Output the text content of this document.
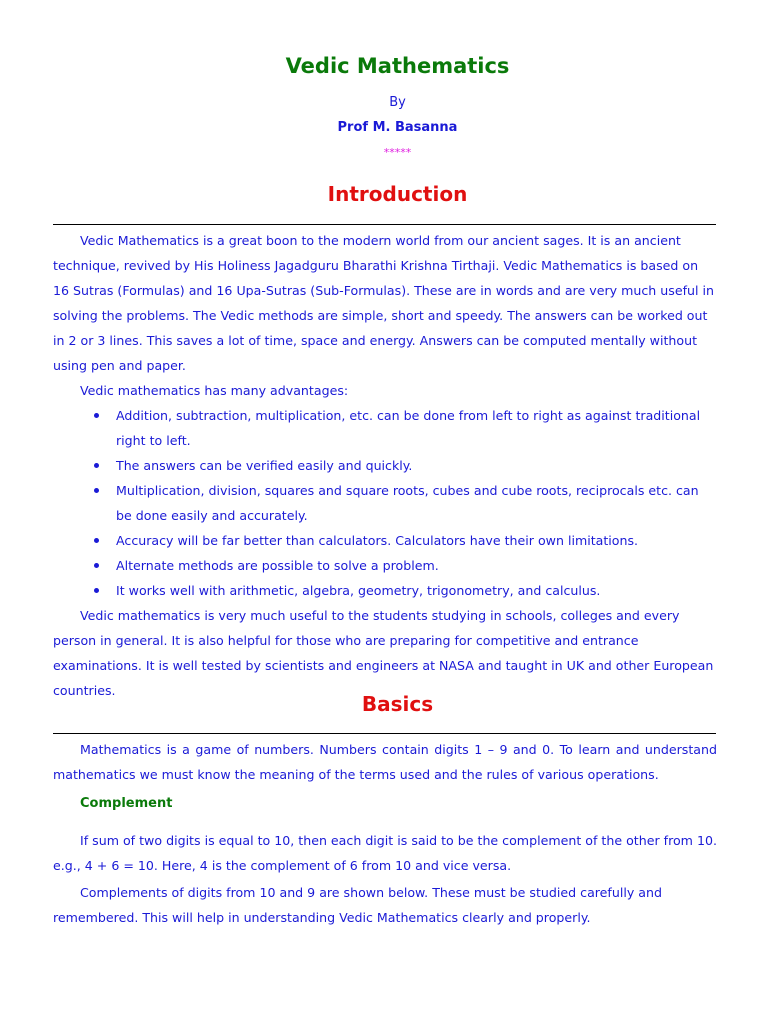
Vedic Mathematics

By

Prof M. Basanna

*****

Introduction

Vedic Mathematics is a great boon to the modern world from our ancient sages. It is an ancient technique, revived by His Holiness Jagadguru Bharathi Krishna Tirthaji. Vedic Mathematics is based on 16 Sutras (Formulas) and 16 Upa-Sutras (Sub-Formulas). These are in words and are very much useful in solving the problems. The Vedic methods are simple, short and speedy. The answers can be worked out in 2 or 3 lines. This saves a lot of time, space and energy. Answers can be computed mentally without using pen and paper.

Vedic mathematics has many advantages:

Addition, subtraction, multiplication, etc. can be done from left to right as against traditional right to left.
The answers can be verified easily and quickly.
Multiplication, division, squares and square roots, cubes and cube roots, reciprocals etc. can be done easily and accurately.
Accuracy will be far better than calculators. Calculators have their own limitations.
Alternate methods are possible to solve a problem.
It works well with arithmetic, algebra, geometry, trigonometry, and calculus.

Vedic mathematics is very much useful to the students studying in schools, colleges and every person in general. It is also helpful for those who are preparing for competitive and entrance examinations. It is well tested by scientists and engineers at NASA and taught in UK and other European countries.

Basics

Mathematics is a game of numbers. Numbers contain digits 1 – 9 and 0. To learn and understand mathematics we must know the meaning of the terms used and the rules of various operations.

Complement

If sum of two digits is equal to 10, then each digit is said to be the complement of the other from 10. e.g., 4 + 6 = 10. Here, 4 is the complement of 6 from 10 and vice versa.

Complements of digits from 10 and 9 are shown below. These must be studied carefully and remembered. This will help in understanding Vedic Mathematics clearly and properly.
